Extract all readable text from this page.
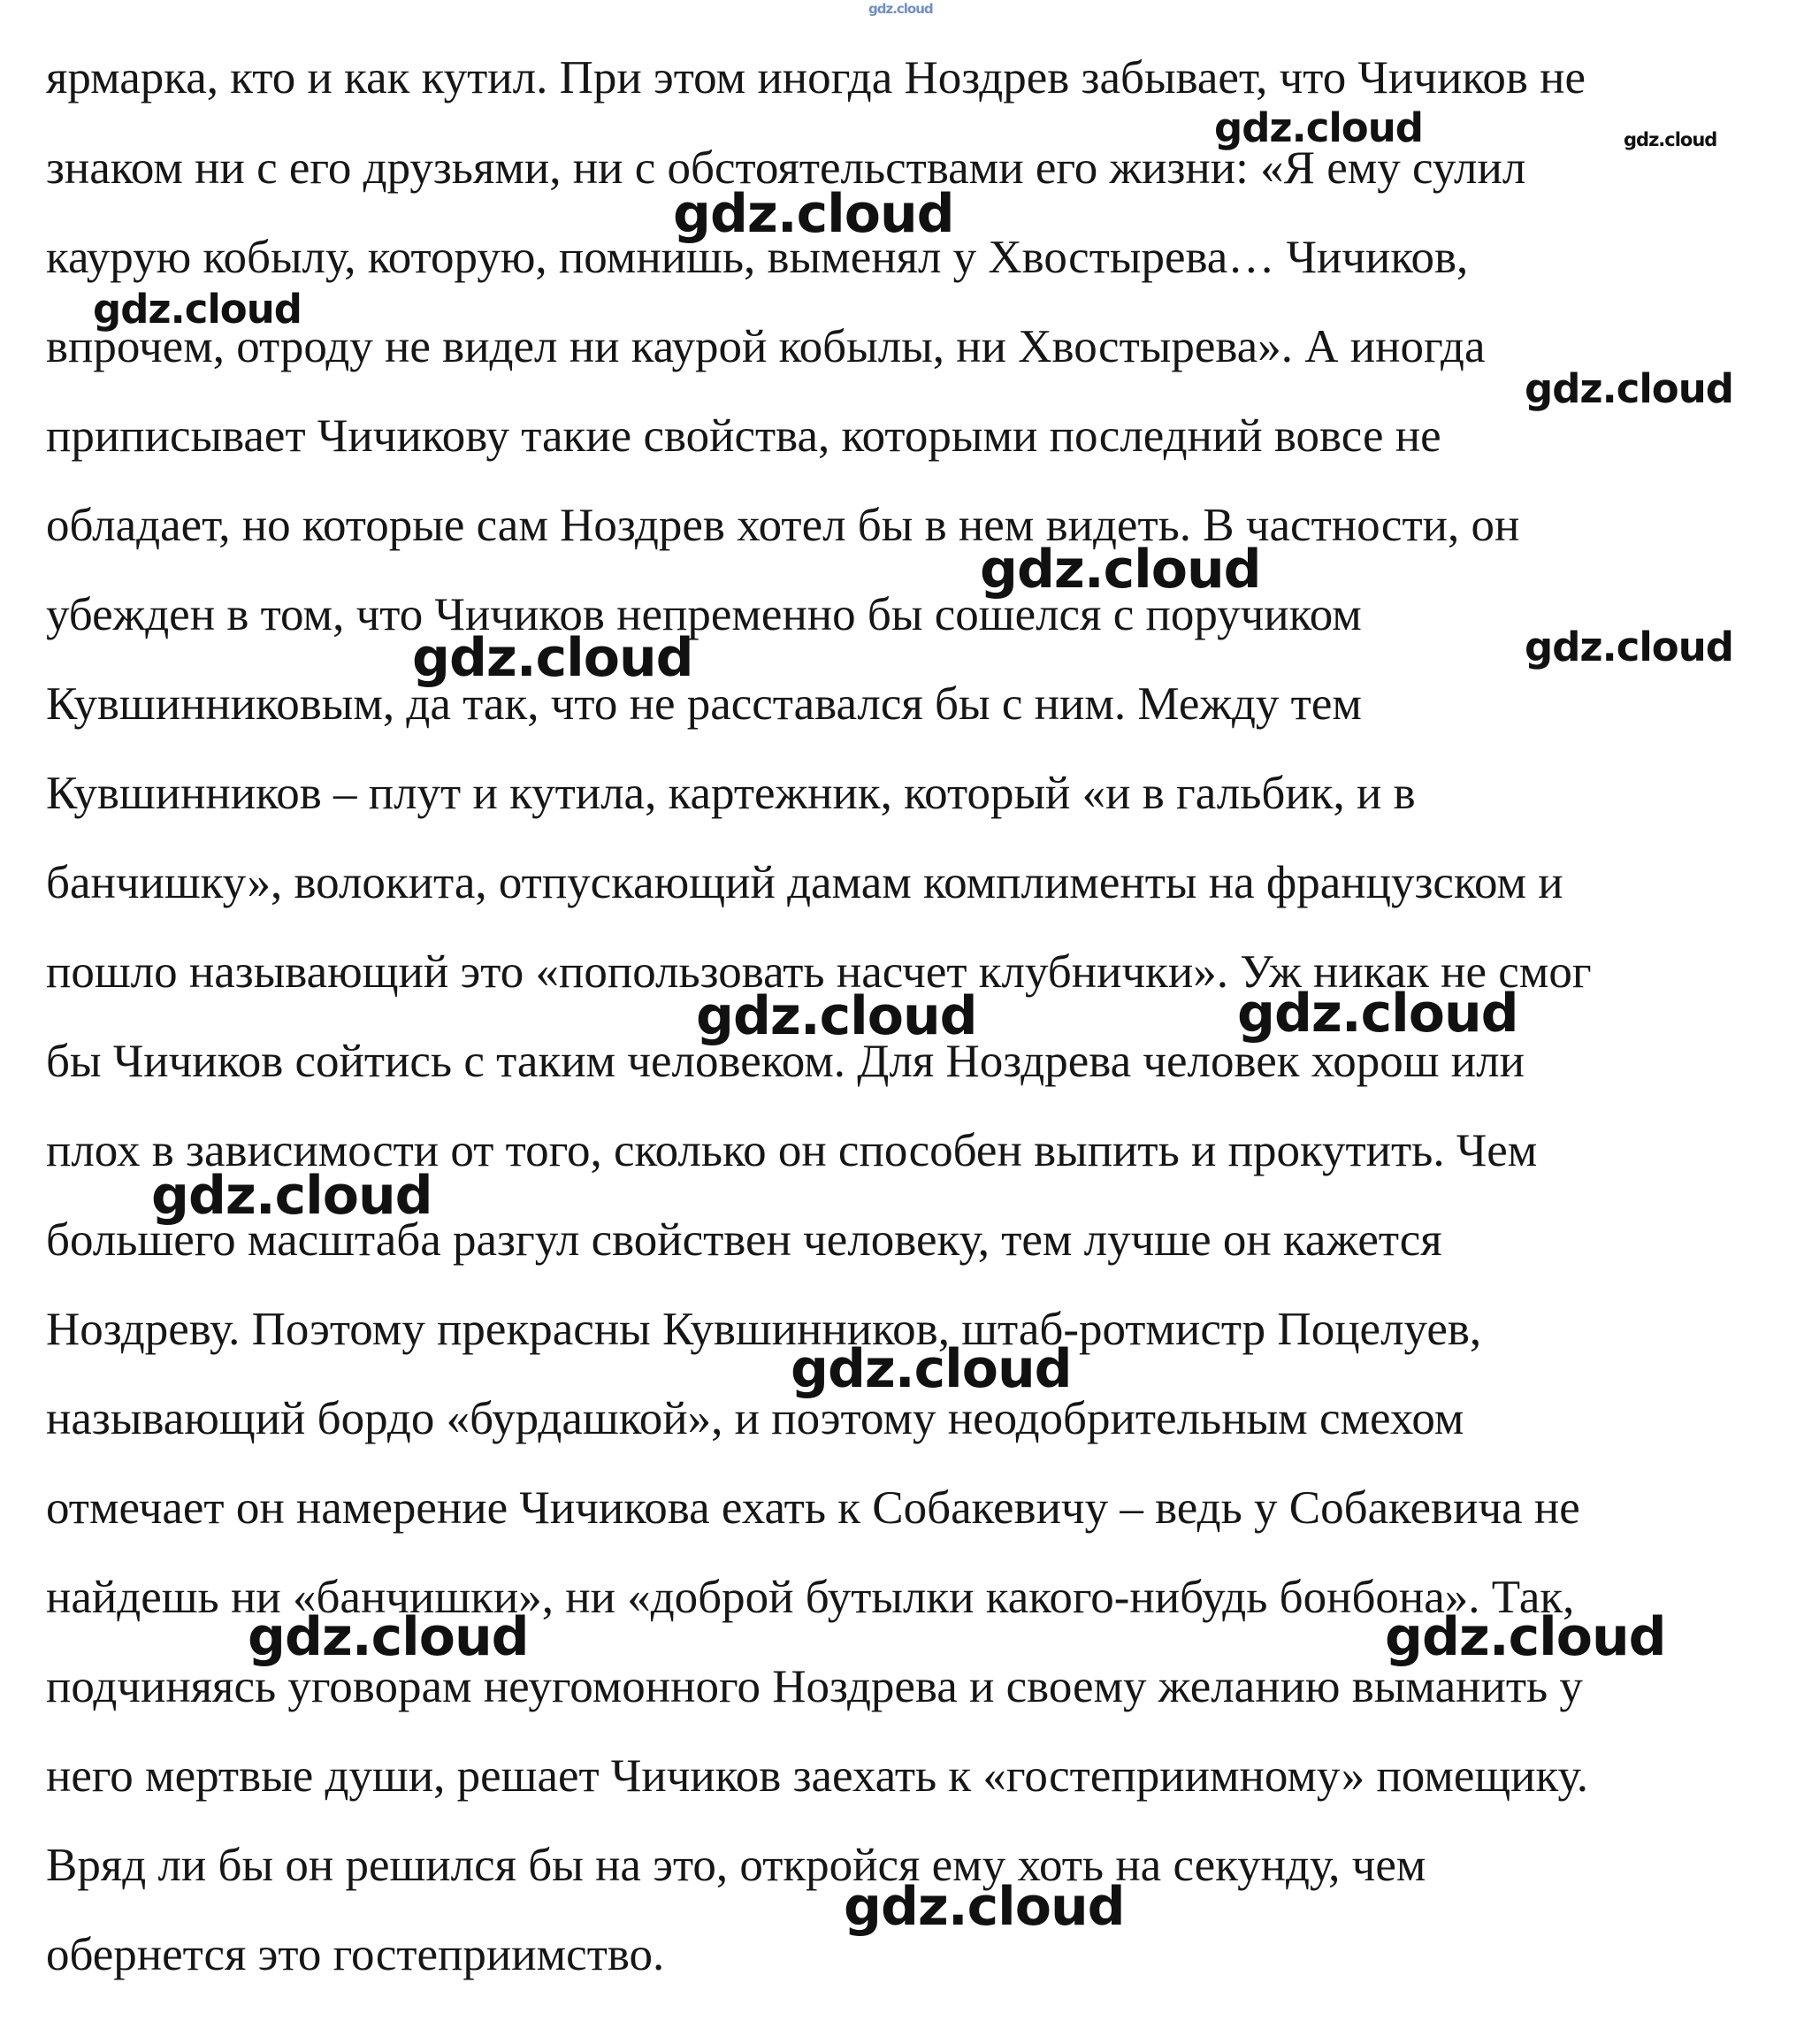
ярмарка, кто и как кутил. При этом иногда Ноздрев забывает, что Чичиков не

знаком ни с его друзьями, ни с обстоятельствами его жизни: «Я ему сулил

каурую кобылу, которую, помнишь, выменял у Хвостырева… Чичиков,

впрочем, отроду не видел ни каурой кобылы, ни Хвостырева». А иногда

приписывает Чичикову такие свойства, которыми последний вовсе не

обладает, но которые сам Ноздрев хотел бы в нем видеть. В частности, он

убежден в том, что Чичиков непременно бы сошелся с поручиком

Кувшинниковым, да так, что не расставался бы с ним. Между тем

Кувшинников – плут и кутила, картежник, который «и в гальбик, и в

банчишку», волокита, отпускающий дамам комплименты на французском и

пошло называющий это «попользовать насчет клубнички». Уж никак не смог

бы Чичиков сойтись с таким человеком. Для Ноздрева человек хорош или

плох в зависимости от того, сколько он способен выпить и прокутить. Чем

большего масштаба разгул свойствен человеку, тем лучше он кажется

Ноздреву. Поэтому прекрасны Кувшинников, штаб-ротмистр Поцелуев,

называющий бордо «бурдашкой», и поэтому неодобрительным смехом

отмечает он намерение Чичикова ехать к Собакевичу – ведь у Собакевича не

найдешь ни «банчишки», ни «доброй бутылки какого-нибудь бонбона». Так,

подчиняясь уговорам неугомонного Ноздрева и своему желанию выманить у

него мертвые души, решает Чичиков заехать к «гостеприимному» помещику.

Вряд ли бы он решился бы на это, откройся ему хоть на секунду, чем

обернется это гостеприимство.

gdz.cloud
gdz.cloud	gdz.cloud
gdz.cloud
gdz.cloud
gdz.cloud
gdz.cloud
gdz.cloud
gdz.cloud
gdz.cloud	gdz.cloud
gdz.cloud
gdz.cloud
gdz.cloud	gdz.cloud
gdz.cloud
